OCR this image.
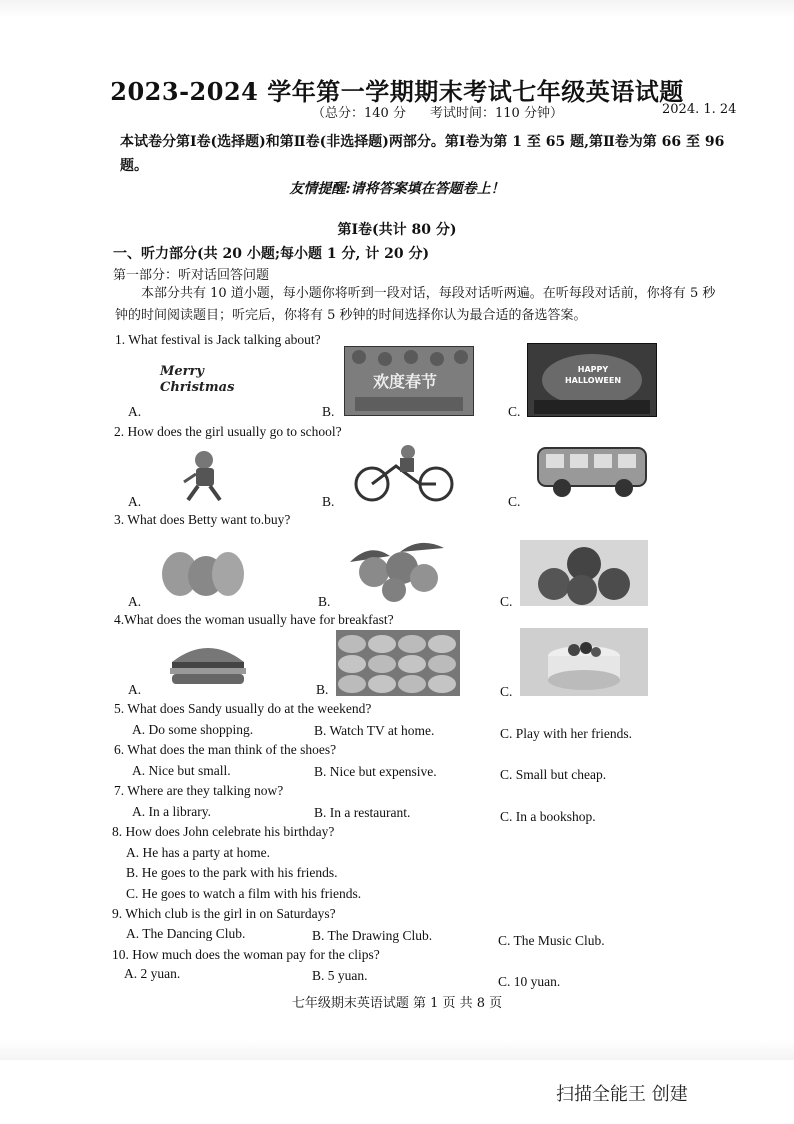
2023-2024 学年第一学期期末考试七年级英语试题
（总分：140 分 考试时间：110 分钟）	2024. 1. 24
本试卷分第Ⅰ卷(选择题)和第Ⅱ卷(非选择题)两部分。第Ⅰ卷为第 1 至 65 题,第Ⅱ卷为第 66 至 96题。
友情提醒:请将答案填在答题卷上！
第Ⅰ卷(共计 80 分)
一、听力部分(共 20 小题;每小题 1 分, 计 20 分)
第一部分：听对话回答问题
本部分共有 10 道小题，每小题你将听到一段对话，每段对话听两遍。在听每段对话前，你将有 5 秒钟的时间阅读题目；听完后，你将有 5 秒钟的时间选择你认为最合适的备选答案。
1. What festival is Jack talking about?
A.	B.	C.
Merry Christmas	欢度春节
HAPPY HALLOWEEN
2. How does the girl usually go to school?
A.	B.	C.
3. What does Betty want to.buy?
A.	B.	C.
4.What does the woman usually have for breakfast?
A.	B.	C.
5. What does Sandy usually do at the weekend?
A. Do some shopping.	B. Watch TV at home.	C. Play with her friends.
6. What does the man think of the shoes?
A. Nice but small.	B. Nice but expensive.	C. Small but cheap.
7. Where are they talking now?
A. In a library.	B. In a restaurant.	C. In a bookshop.
8. How does John celebrate his birthday?
A. He has a party at home.
B. He goes to the park with his friends.
C. He goes to watch a film with his friends.
9. Which club is the girl in on Saturdays?
A. The Dancing Club.	B. The Drawing Club.	C. The Music Club.
10. How much does the woman pay for the clips?
A. 2 yuan.	B. 5 yuan.	C. 10 yuan.
七年级期末英语试题 第 1 页 共 8 页
扫描全能王 创建
